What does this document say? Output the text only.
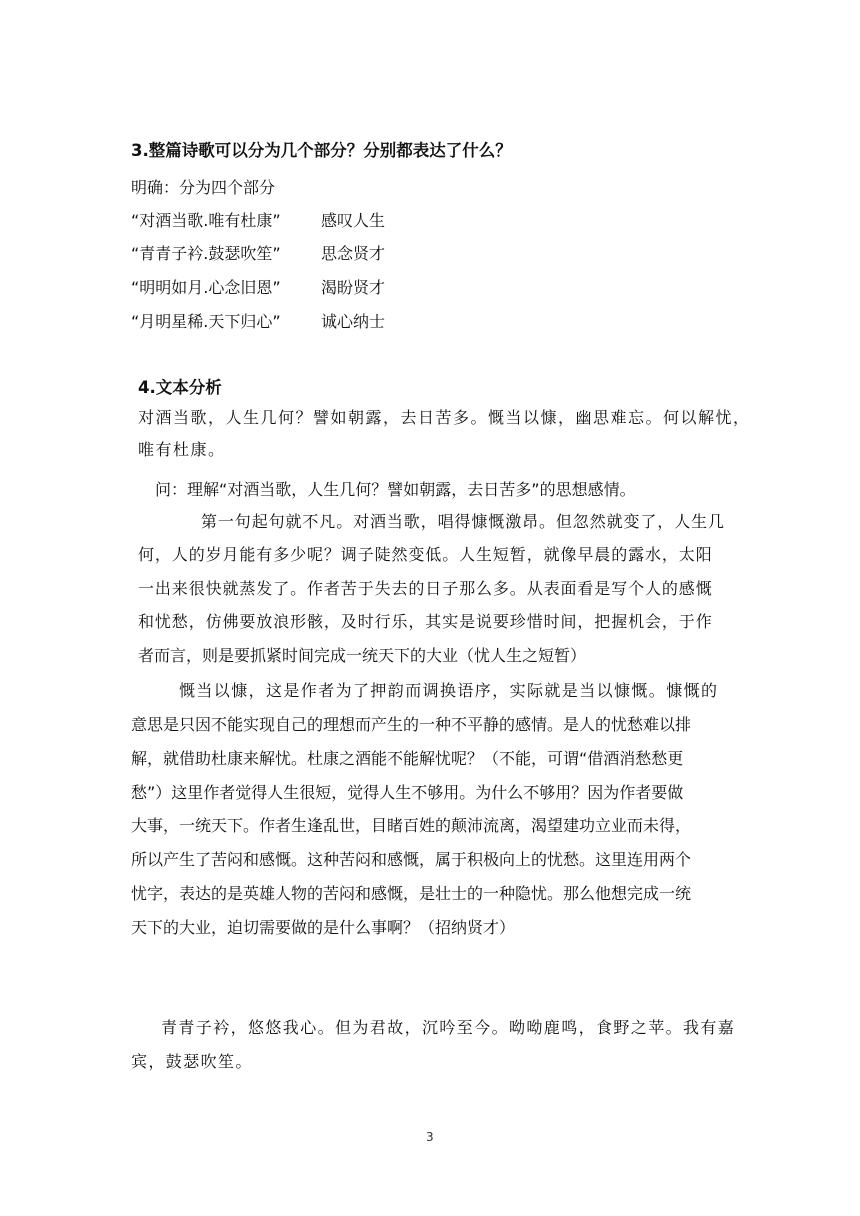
3.整篇诗歌可以分为几个部分？分别都表达了什么？
明确：分为四个部分
“对酒当歌.唯有杜康”	感叹人生
“青青子衿.鼓瑟吹笙”	思念贤才
“明明如月.心念旧恩”	渴盼贤才
“月明星稀.天下归心”	诚心纳士
4.文本分析
对酒当歌，人生几何？譬如朝露，去日苦多。慨当以慷，幽思难忘。何以解忧，
唯有杜康。
问：理解“对酒当歌，人生几何？譬如朝露，去日苦多”的思想感情。
第一句起句就不凡。对酒当歌，唱得慷慨激昂。但忽然就变了，人生几
何，人的岁月能有多少呢？调子陡然变低。人生短暂，就像早晨的露水，太阳
一出来很快就蒸发了。作者苦于失去的日子那么多。从表面看是写个人的感慨
和忧愁，仿佛要放浪形骸，及时行乐，其实是说要珍惜时间，把握机会，于作
者而言，则是要抓紧时间完成一统天下的大业（忧人生之短暂）
慨当以慷，这是作者为了押韵而调换语序，实际就是当以慷慨。慷慨的
意思是只因不能实现自己的理想而产生的一种不平静的感情。是人的忧愁难以排
解，就借助杜康来解忧。杜康之酒能不能解忧呢？（不能，可谓“借酒消愁愁更
愁”）这里作者觉得人生很短，觉得人生不够用。为什么不够用？因为作者要做
大事，一统天下。作者生逢乱世，目睹百姓的颠沛流离，渴望建功立业而未得，
所以产生了苦闷和感慨。这种苦闷和感慨，属于积极向上的忧愁。这里连用两个
忧字，表达的是英雄人物的苦闷和感慨，是壮士的一种隐忧。那么他想完成一统
天下的大业，迫切需要做的是什么事啊？（招纳贤才）
青青子衿，悠悠我心。但为君故，沉吟至今。呦呦鹿鸣，食野之苹。我有嘉
宾，鼓瑟吹笙。
3
